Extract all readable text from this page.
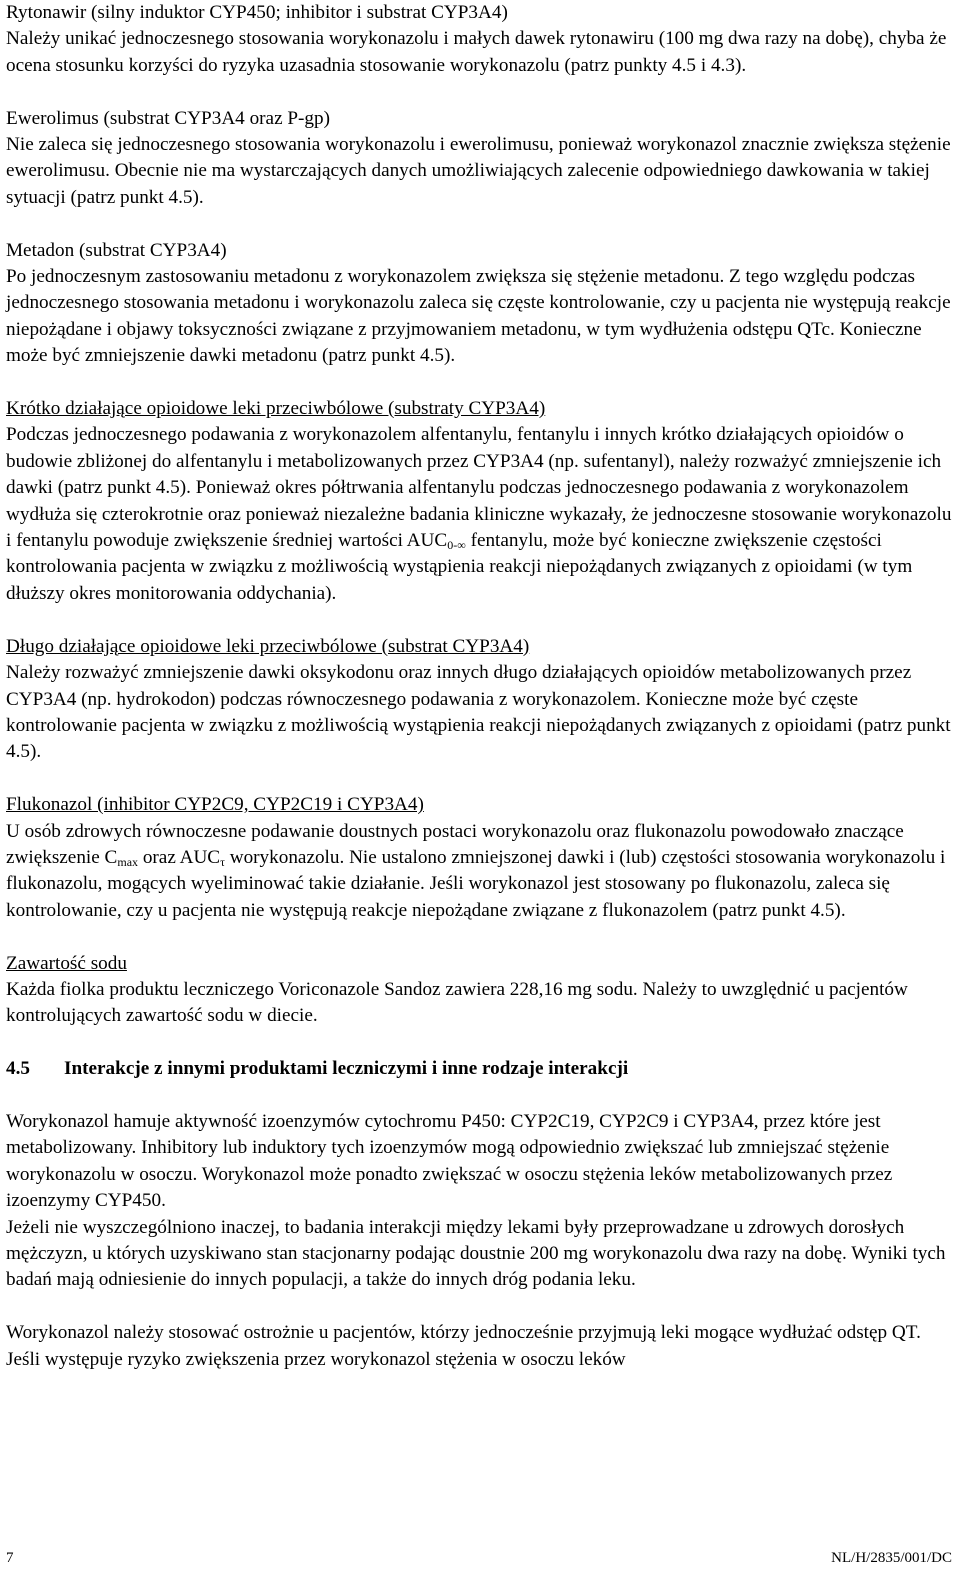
Rytonawir (silny induktor CYP450; inhibitor i substrat CYP3A4)

Należy unikać jednoczesnego stosowania worykonazolu i małych dawek rytonawiru (100 mg dwa razy na dobę), chyba że ocena stosunku korzyści do ryzyka uzasadnia stosowanie worykonazolu (patrz punkty 4.5 i 4.3).

Ewerolimus (substrat CYP3A4 oraz P-gp)

Nie zaleca się jednoczesnego stosowania worykonazolu i ewerolimusu, ponieważ worykonazol znacznie zwiększa stężenie ewerolimusu. Obecnie nie ma wystarczających danych umożliwiających zalecenie odpowiedniego dawkowania w takiej sytuacji (patrz punkt 4.5).

Metadon (substrat CYP3A4)

Po jednoczesnym zastosowaniu metadonu z worykonazolem zwiększa się stężenie metadonu. Z tego względu podczas jednoczesnego stosowania metadonu i worykonazolu zaleca się częste kontrolowanie, czy u pacjenta nie występują reakcje niepożądane i objawy toksyczności związane z przyjmowaniem metadonu, w tym wydłużenia odstępu QTc. Konieczne może być zmniejszenie dawki metadonu (patrz punkt 4.5).

Krótko działające opioidowe leki przeciwbólowe (substraty CYP3A4)

Podczas jednoczesnego podawania z worykonazolem alfentanylu, fentanylu i innych krótko działających opioidów o budowie zbliżonej do alfentanylu i metabolizowanych przez CYP3A4 (np. sufentanyl), należy rozważyć zmniejszenie ich dawki (patrz punkt 4.5). Ponieważ okres półtrwania alfentanylu podczas jednoczesnego podawania z worykonazolem wydłuża się czterokrotnie oraz ponieważ niezależne badania kliniczne wykazały, że jednoczesne stosowanie worykonazolu i fentanylu powoduje zwiększenie średniej wartości $AUC_{0-\infty}$ fentanylu, może być konieczne zwiększenie częstości kontrolowania pacjenta w związku z możliwością wystąpienia reakcji niepożądanych związanych z opioidami (w tym dłuższy okres monitorowania oddychania).

Długo działające opioidowe leki przeciwbólowe (substrat CYP3A4)

Należy rozważyć zmniejszenie dawki oksykodonu oraz innych długo działających opioidów metabolizowanych przez CYP3A4 (np. hydrokodon) podczas równoczesnego podawania z worykonazolem. Konieczne może być częste kontrolowanie pacjenta w związku z możliwością wystąpienia reakcji niepożądanych związanych z opioidami (patrz punkt 4.5).

Flukonazol (inhibitor CYP2C9, CYP2C19 i CYP3A4)

U osób zdrowych równoczesne podawanie doustnych postaci worykonazolu oraz flukonazolu powodowało znaczące zwiększenie $C_{max}$ oraz $AUC_\tau$ worykonazolu. Nie ustalono zmniejszonej dawki i (lub) częstości stosowania worykonazolu i flukonazolu, mogących wyeliminować takie działanie. Jeśli worykonazol jest stosowany po flukonazolu, zaleca się kontrolowanie, czy u pacjenta nie występują reakcje niepożądane związane z flukonazolem (patrz punkt 4.5).

Zawartość sodu

Każda fiolka produktu leczniczego Voriconazole Sandoz zawiera 228,16 mg sodu. Należy to uwzględnić u pacjentów kontrolujących zawartość sodu w diecie.

4.5	Interakcje z innymi produktami leczniczymi i inne rodzaje interakcji

Worykonazol hamuje aktywność izoenzymów cytochromu P450: CYP2C19, CYP2C9 i CYP3A4, przez które jest metabolizowany. Inhibitory lub induktory tych izoenzymów mogą odpowiednio zwiększać lub zmniejszać stężenie worykonazolu w osoczu. Worykonazol może ponadto zwiększać w osoczu stężenia leków metabolizowanych przez izoenzymy CYP450.

Jeżeli nie wyszczególniono inaczej, to badania interakcji między lekami były przeprowadzane u zdrowych dorosłych mężczyzn, u których uzyskiwano stan stacjonarny podając doustnie 200 mg worykonazolu dwa razy na dobę. Wyniki tych badań mają odniesienie do innych populacji, a także do innych dróg podania leku.

Worykonazol należy stosować ostrożnie u pacjentów, którzy jednocześnie przyjmują leki mogące wydłużać odstęp QT. Jeśli występuje ryzyko zwiększenia przez worykonazol stężenia w osoczu leków

7	NL/H/2835/001/DC
